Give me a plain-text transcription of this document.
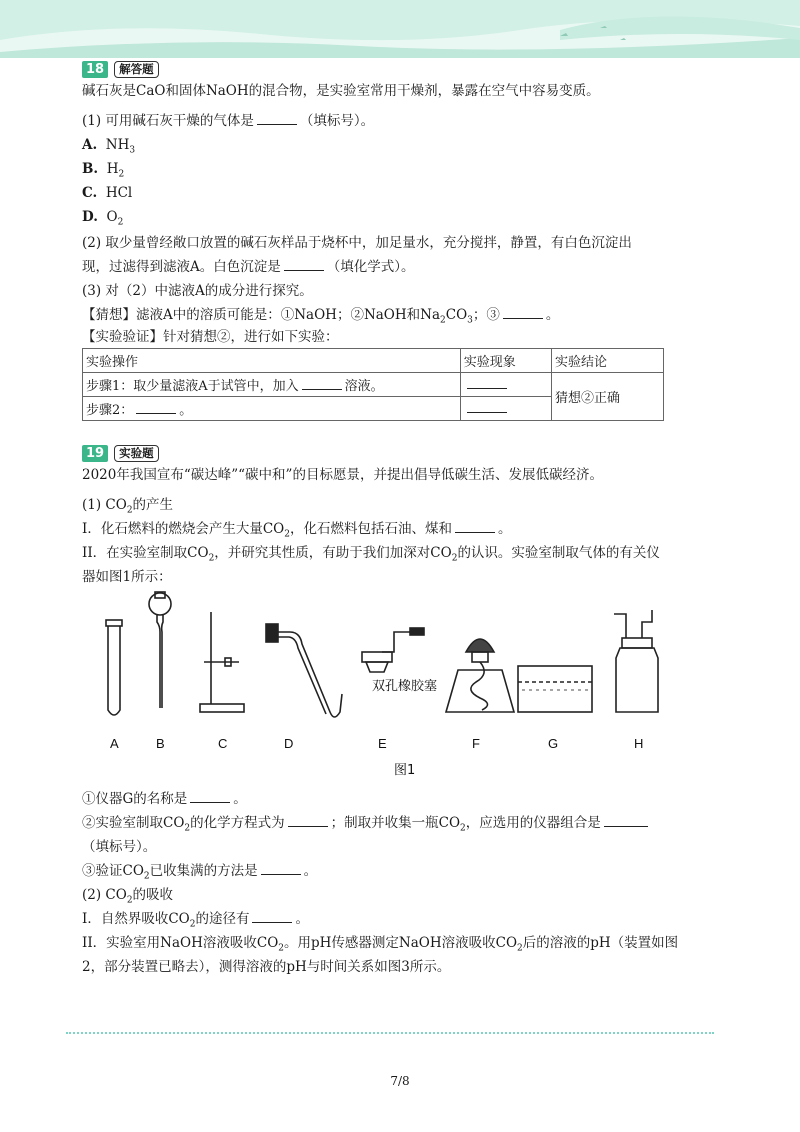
18 解答题
碱石灰是CaO和固体NaOH的混合物，是实验室常用干燥剂，暴露在空气中容易变质。
(1) 可用碱石灰干燥的气体是	（填标号）。
A. $NH_3$
B. $H_2$
C. HCl
D. $O_2$
(2) 取少量曾经敞口放置的碱石灰样品于烧杯中，加足量水，充分搅拌，静置，有白色沉淀出
现，过滤得到滤液A。白色沉淀是	（填化学式）。
(3) 对（2）中滤液A的成分进行探究。
【猜想】滤液A中的溶质可能是：①NaOH；②NaOH和$Na_2CO_3$；③	。
【实验验证】针对猜想②，进行如下实验：
实验操作	实验现象	实验结论
步骤1：取少量滤液A于试管中，加入 溶液。		猜想②正确
步骤2： 。		
19 实验题
2020年我国宣布“碳达峰”“碳中和”的目标愿景，并提出倡导低碳生活、发展低碳经济。
(1) $CO_2$的产生
I．化石燃料的燃烧会产生大量$CO_2$，化石燃料包括石油、煤和	。
II．在实验室制取$CO_2$，并研究其性质，有助于我们加深对$CO_2$的认识。实验室制取气体的有关仪
器如图1所示：
双孔橡胶塞
A	B	C	D	E	F	G	H
图1
①仪器G的名称是	。
②实验室制取$CO_2$的化学方程式为	；制取并收集一瓶$CO_2$，应选用的仪器组合是
（填标号）。
③验证$CO_2$已收集满的方法是	。
(2) $CO_2$的吸收
I．自然界吸收$CO_2$的途径有	。
II．实验室用NaOH溶液吸收$CO_2$。用pH传感器测定NaOH溶液吸收$CO_2$后的溶液的pH（装置如图
2，部分装置已略去），测得溶液的pH与时间关系如图3所示。
7/8
